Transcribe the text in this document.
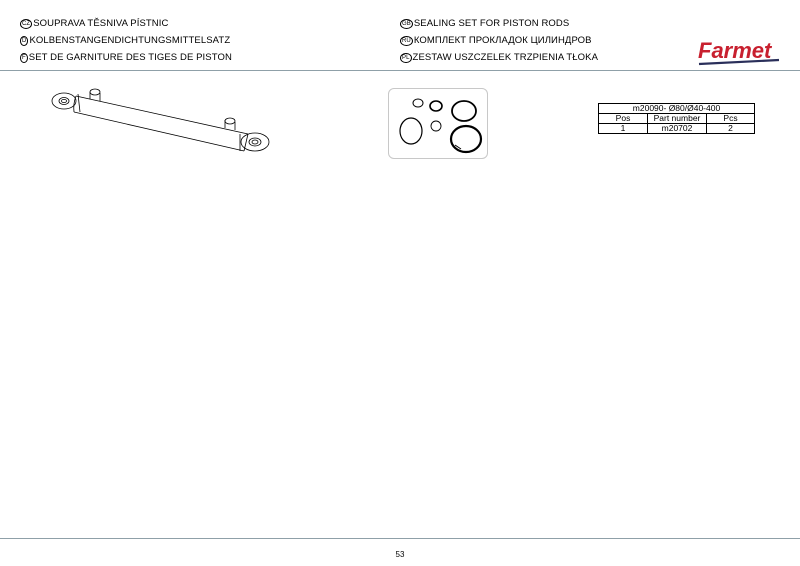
CZ SOUPRAVA TĚSNIVA PÍSTNIC
D KOLBENSTANGENDICHTUNGSMITTELSATZ
F SET DE GARNITURE DES TIGES DE PISTON
GB SEALING SET FOR PISTON RODS
RU КОМПЛЕКТ ПРОКЛАДОК ЦИЛИНДРОВ
PL ZESTAW USZCZELEK TRZPIENIA TŁOKA	Farmet
m20090- Ø80/Ø40-400		
Pos	Part number	Pcs
1	m20702	2
53
